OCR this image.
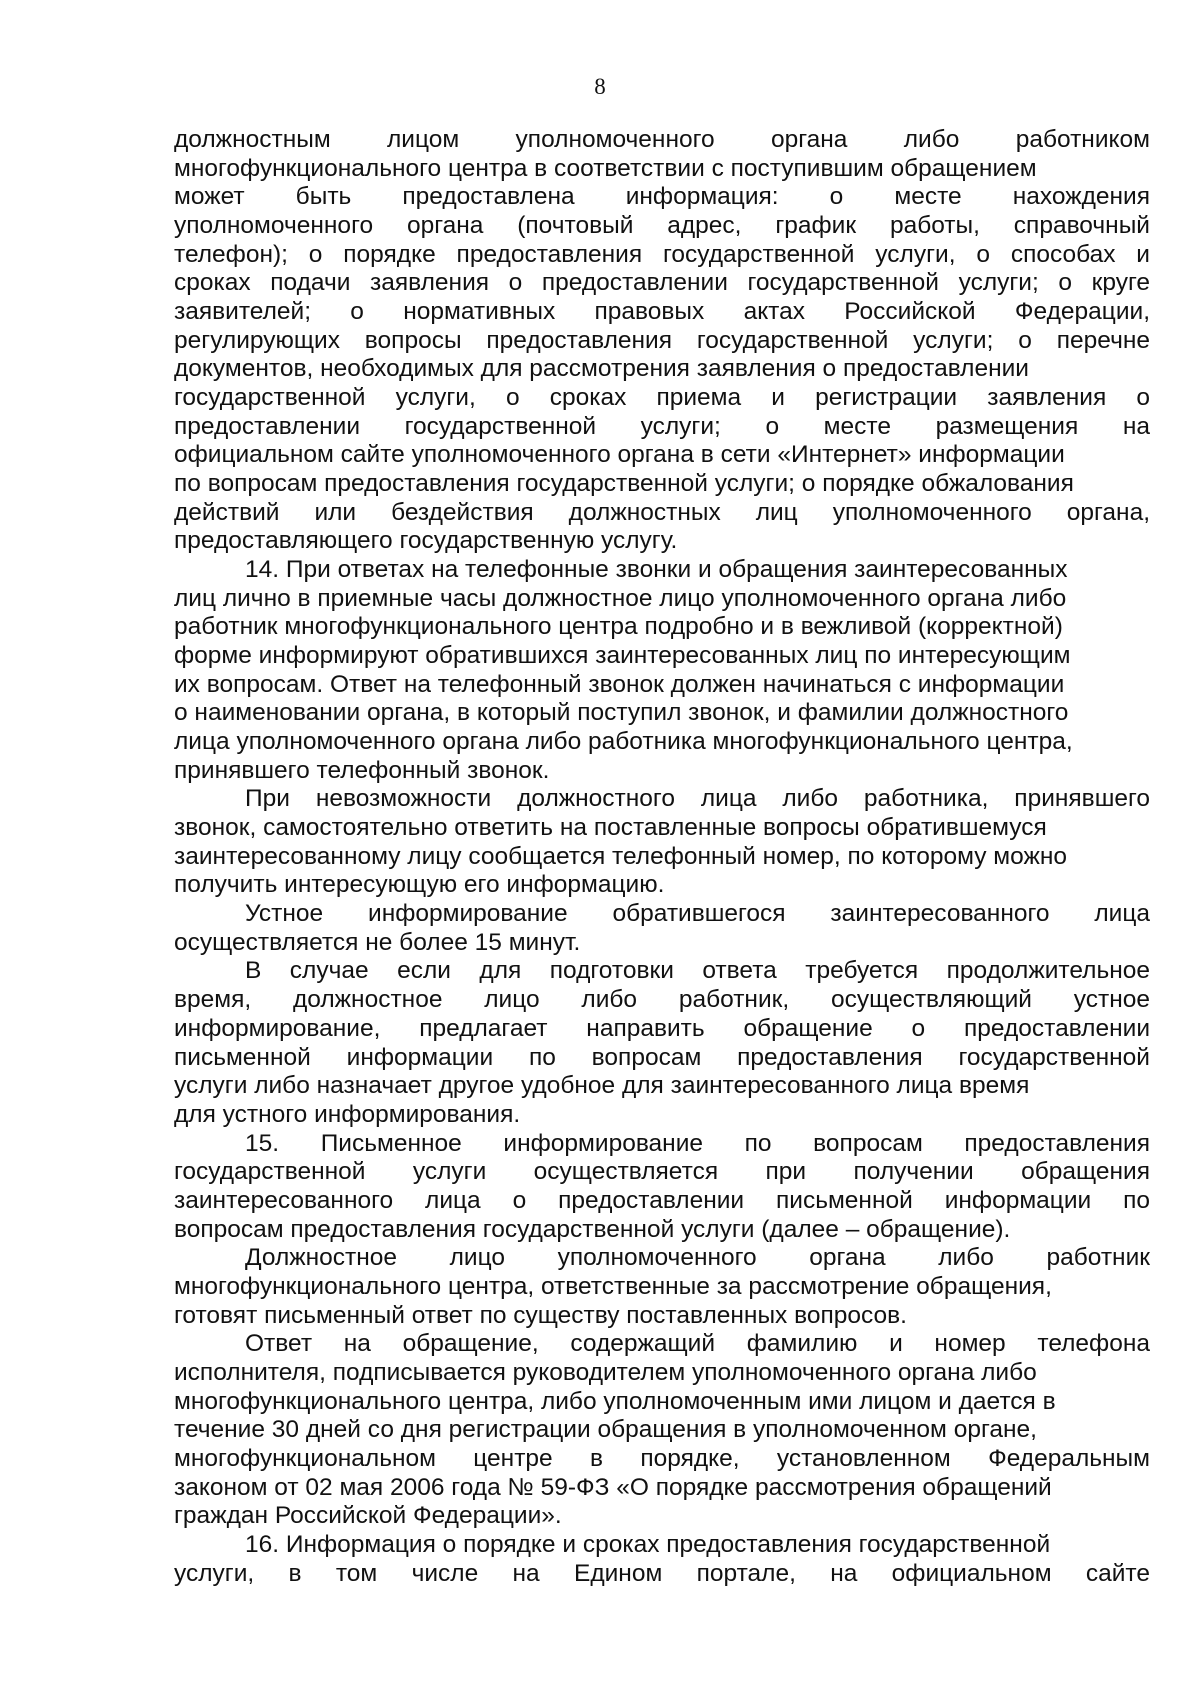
8
должностным лицом уполномоченного органа либо работником
многофункционального центра в соответствии с поступившим обращением
может быть предоставлена информация: о месте нахождения
уполномоченного органа (почтовый адрес, график работы, справочный
телефон); о порядке предоставления государственной услуги, о способах и
сроках подачи заявления о предоставлении государственной услуги; о круге
заявителей; о нормативных правовых актах Российской Федерации,
регулирующих вопросы предоставления государственной услуги; о перечне
документов, необходимых для рассмотрения заявления о предоставлении
государственной услуги, о сроках приема и регистрации заявления о
предоставлении государственной услуги; о месте размещения на
официальном сайте уполномоченного органа в сети «Интернет» информации
по вопросам предоставления государственной услуги; о порядке обжалования
действий или бездействия должностных лиц уполномоченного органа,
предоставляющего государственную услугу.
14. При ответах на телефонные звонки и обращения заинтересованных
лиц лично в приемные часы должностное лицо уполномоченного органа либо
работник многофункционального центра подробно и в вежливой (корректной)
форме информируют обратившихся заинтересованных лиц по интересующим
их вопросам. Ответ на телефонный звонок должен начинаться с информации
о наименовании органа, в который поступил звонок, и фамилии должностного
лица уполномоченного органа либо работника многофункционального центра,
принявшего телефонный звонок.
При невозможности должностного лица либо работника, принявшего
звонок, самостоятельно ответить на поставленные вопросы обратившемуся
заинтересованному лицу сообщается телефонный номер, по которому можно
получить интересующую его информацию.
Устное информирование обратившегося заинтересованного лица
осуществляется не более 15 минут.
В случае если для подготовки ответа требуется продолжительное
время, должностное лицо либо работник, осуществляющий устное
информирование, предлагает направить обращение о предоставлении
письменной информации по вопросам предоставления государственной
услуги либо назначает другое удобное для заинтересованного лица время
для устного информирования.
15. Письменное информирование по вопросам предоставления
государственной услуги осуществляется при получении обращения
заинтересованного лица о предоставлении письменной информации по
вопросам предоставления государственной услуги (далее – обращение).
Должностное лицо уполномоченного органа либо работник
многофункционального центра, ответственные за рассмотрение обращения,
готовят письменный ответ по существу поставленных вопросов.
Ответ на обращение, содержащий фамилию и номер телефона
исполнителя, подписывается руководителем уполномоченного органа либо
многофункционального центра, либо уполномоченным ими лицом и дается в
течение 30 дней со дня регистрации обращения в уполномоченном органе,
многофункциональном центре в порядке, установленном Федеральным
законом от 02 мая 2006 года № 59-ФЗ «О порядке рассмотрения обращений
граждан Российской Федерации».
16. Информация о порядке и сроках предоставления государственной
услуги, в том числе на Едином портале, на официальном сайте
